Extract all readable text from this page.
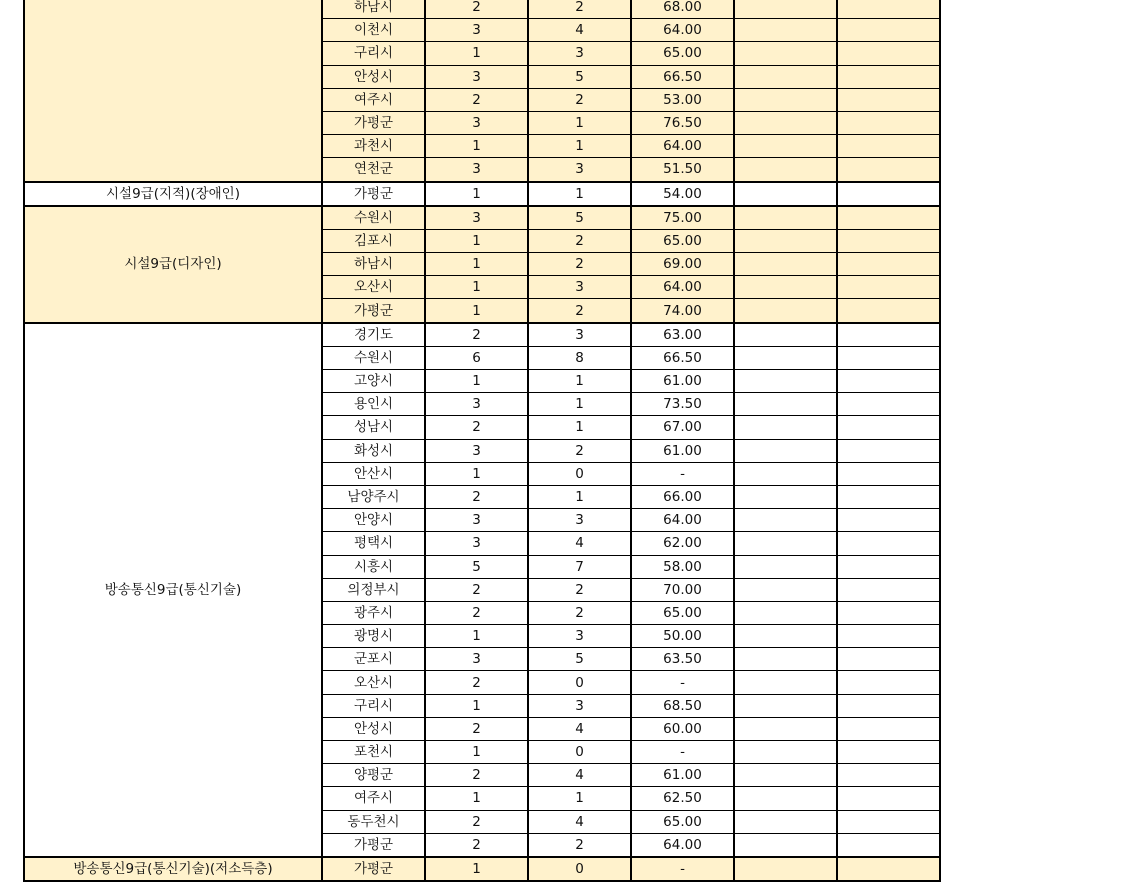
	하남시	2	2	68.00		
	이천시	3	4	64.00		
	구리시	1	3	65.00		
	안성시	3	5	66.50		
	여주시	2	2	53.00		
	가평군	3	1	76.50		
	과천시	1	1	64.00		
	연천군	3	3	51.50		
시설9급(지적)(장애인)	가평군	1	1	54.00		
시설9급(디자인)	수원시	3	5	75.00		
	김포시	1	2	65.00		
	하남시	1	2	69.00		
	오산시	1	3	64.00		
	가평군	1	2	74.00		
방송통신9급(통신기술)	경기도	2	3	63.00		
	수원시	6	8	66.50		
	고양시	1	1	61.00		
	용인시	3	1	73.50		
	성남시	2	1	67.00		
	화성시	3	2	61.00		
	안산시	1	0	-		
	남양주시	2	1	66.00		
	안양시	3	3	64.00		
	평택시	3	4	62.00		
	시흥시	5	7	58.00		
	의정부시	2	2	70.00		
	광주시	2	2	65.00		
	광명시	1	3	50.00		
	군포시	3	5	63.50		
	오산시	2	0	-		
	구리시	1	3	68.50		
	안성시	2	4	60.00		
	포천시	1	0	-		
	양평군	2	4	61.00		
	여주시	1	1	62.50		
	동두천시	2	4	65.00		
	가평군	2	2	64.00		
방송통신9급(통신기술)(저소득층)	가평군	1	0	-		
